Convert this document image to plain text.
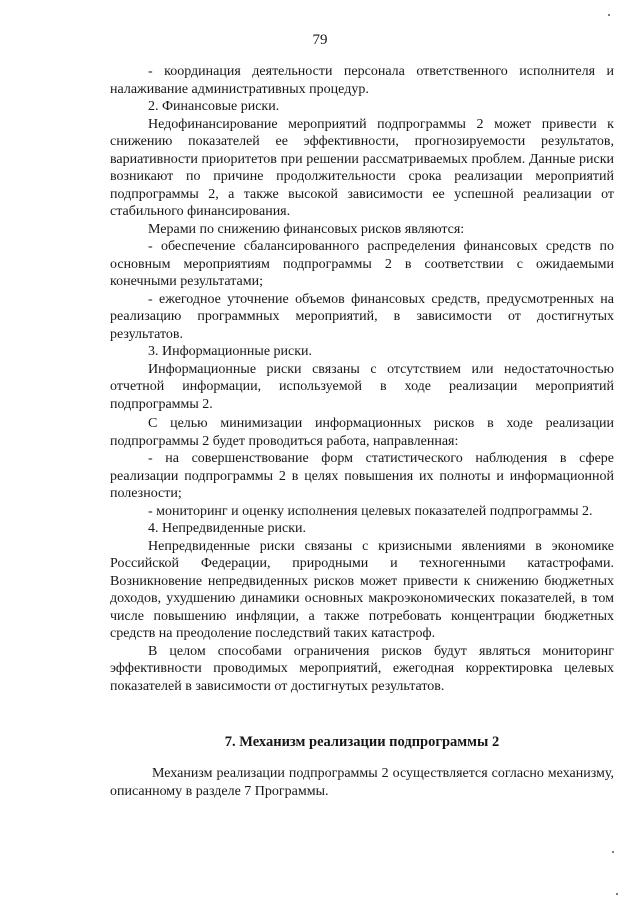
79

- координация деятельности персонала ответственного исполнителя и налаживание административных процедур.

2. Финансовые риски.

Недофинансирование мероприятий подпрограммы 2 может привести к снижению показателей ее эффективности, прогнозируемости результатов, вариативности приоритетов при решении рассматриваемых проблем. Данные риски возникают по причине продолжительности срока реализации мероприятий подпрограммы 2, а также высокой зависимости ее успешной реализации от стабильного финансирования.

Мерами по снижению финансовых рисков являются:

- обеспечение сбалансированного распределения финансовых средств по основным мероприятиям подпрограммы 2 в соответствии с ожидаемыми конечными результатами;

- ежегодное уточнение объемов финансовых средств, предусмотренных на реализацию программных мероприятий, в зависимости от достигнутых результатов.

3. Информационные риски.

Информационные риски связаны с отсутствием или недостаточностью отчетной информации, используемой в ходе реализации мероприятий подпрограммы 2.

С целью минимизации информационных рисков в ходе реализации подпрограммы 2 будет проводиться работа, направленная:

- на совершенствование форм статистического наблюдения в сфере реализации подпрограммы 2 в целях повышения их полноты и информационной полезности;

- мониторинг и оценку исполнения целевых показателей подпрограммы 2.

4. Непредвиденные риски.

Непредвиденные риски связаны с кризисными явлениями в экономике Российской Федерации, природными и техногенными катастрофами. Возникновение непредвиденных рисков может привести к снижению бюджетных доходов, ухудшению динамики основных макроэкономических показателей, в том числе повышению инфляции, а также потребовать концентрации бюджетных средств на преодоление последствий таких катастроф.

В целом способами ограничения рисков будут являться мониторинг эффективности проводимых мероприятий, ежегодная корректировка целевых показателей в зависимости от достигнутых результатов.

7. Механизм реализации подпрограммы 2

Механизм реализации подпрограммы 2 осуществляется согласно механизму, описанному в разделе 7 Программы.
